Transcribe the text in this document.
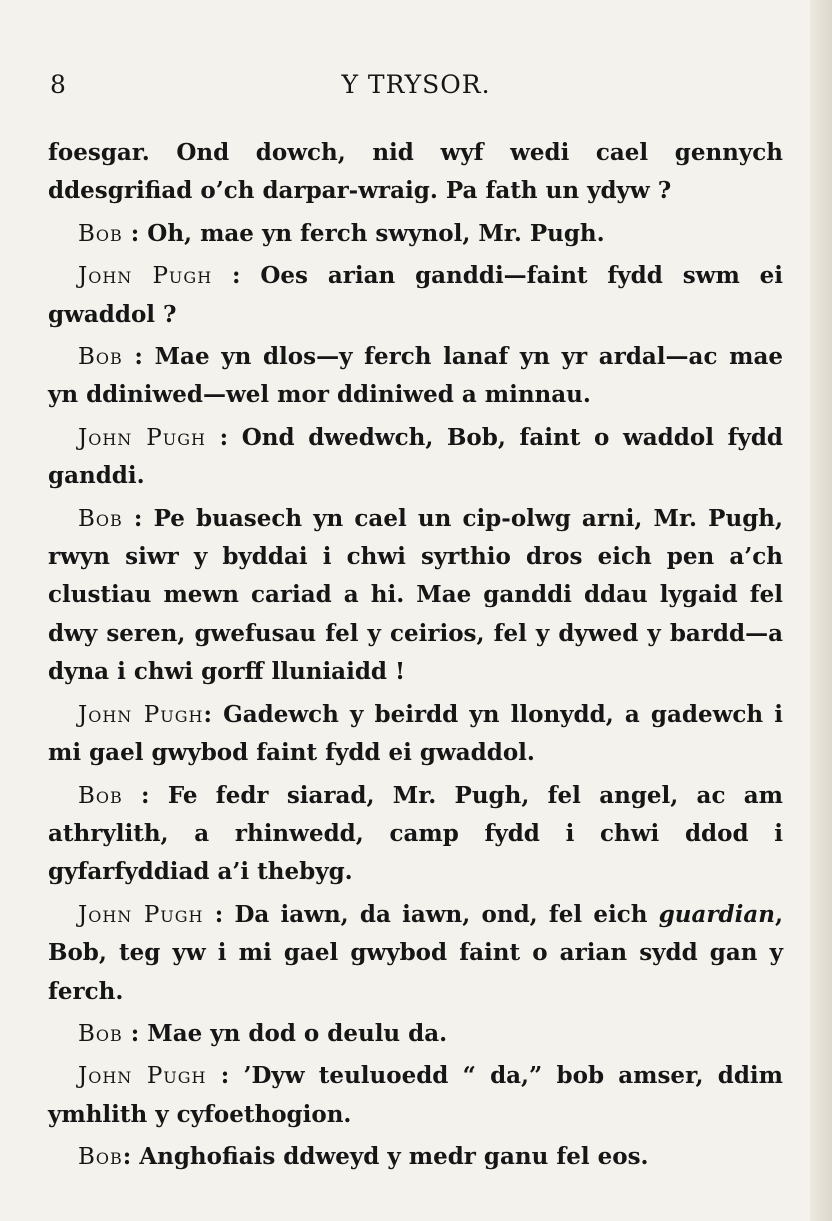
Y TRYSOR.
8

foesgar. Ond dowch, nid wyf wedi cael gennych ddesgrifiad o’ch darpar-wraig. Pa fath un ydyw ?

Bob : Oh, mae yn ferch swynol, Mr. Pugh.

John Pugh : Oes arian ganddi—faint fydd swm ei gwaddol ?

Bob : Mae yn dlos—y ferch lanaf yn yr ardal—ac mae yn ddiniwed—wel mor ddiniwed a minnau.

John Pugh : Ond dwedwch, Bob, faint o waddol fydd ganddi.

Bob : Pe buasech yn cael un cip-olwg arni, Mr. Pugh, rwyn siwr y byddai i chwi syrthio dros eich pen a’ch clustiau mewn cariad a hi. Mae ganddi ddau lygaid fel dwy seren, gwefusau fel y ceirios, fel y dywed y bardd—a dyna i chwi gorff lluniaidd !

John Pugh: Gadewch y beirdd yn llonydd, a gadewch i mi gael gwybod faint fydd ei gwaddol.

Bob : Fe fedr siarad, Mr. Pugh, fel angel, ac am athrylith, a rhinwedd, camp fydd i chwi ddod i gyfarfyddiad a’i thebyg.

John Pugh : Da iawn, da iawn, ond, fel eich guardian, Bob, teg yw i mi gael gwybod faint o arian sydd gan y ferch.

Bob : Mae yn dod o deulu da.

John Pugh : ’Dyw teuluoedd “ da,” bob amser, ddim ymhlith y cyfoethogion.

Bob: Anghofiais ddweyd y medr ganu fel eos.
